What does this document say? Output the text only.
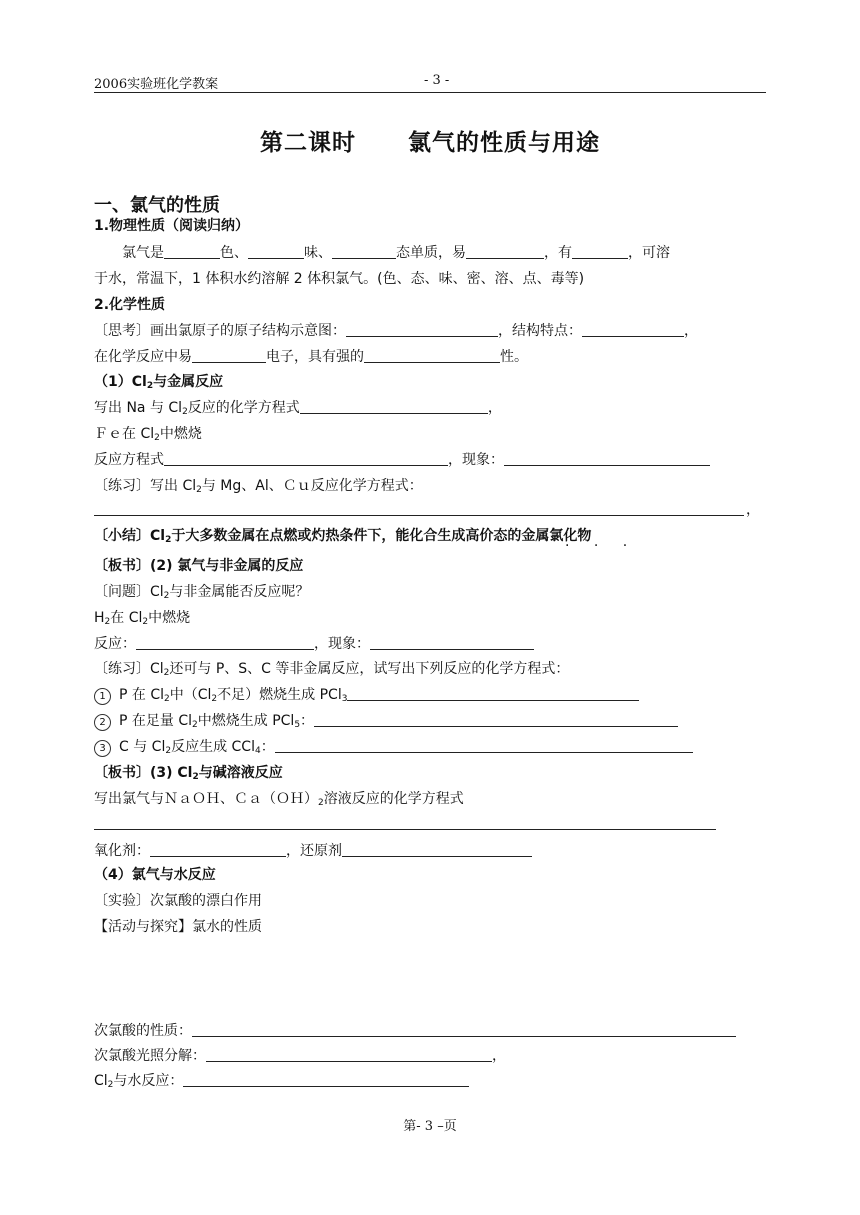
2006实验班化学教案	- 3 -
第二课时 氯气的性质与用途
一、氯气的性质
1.物理性质（阅读归纳）
氯气是	色、	味、	态单质，易	，有	，可溶
于水，常温下，1 体积水约溶解 2 体积氯气。(色、态、味、密、溶、点、毒等)
2.化学性质
〔思考〕画出氯原子的原子结构示意图：	，结构特点：	，
在化学反应中易	电子，具有强的	性。
$(1)Cl_2$与金属反应
写出 Na 与 $Cl_2$反应的化学方程式	，
Ｆｅ在 $Cl_2$中燃烧
反应方程式	，现象：
〔练习〕写出 $Cl_2$与 Mg、Al、Ｃｕ反应化学方程式：
，
〔小结〕$Cl_2$于大多数金属在点燃或灼热条件下，能化合生成高价态的金属氯化物
· · ·
〔板书〕(2) 氯气与非金属的反应
〔问题〕$Cl_2$与非金属能否反应呢？
$H_2$在 $Cl_2$中燃烧
反应：	，现象：
〔练习〕$Cl_2$还可与 P、S、C 等非金属反应，试写出下列反应的化学方程式：
1 P 在 $Cl_2$中（$Cl_2$不足）燃烧生成 PCl$_3$
2 P 在足量 $Cl_2$中燃烧生成 PCl$_5$：
3 C 与 $Cl_2$反应生成 CCl$_4$：
〔板书〕(3) $Cl_2$与碱溶液反应
写出氯气与ＮａＯＨ、$Ca(OH)_2$溶液反应的化学方程式
氧化剂：	，还原剂
（4）氯气与水反应
〔实验〕次氯酸的漂白作用
【活动与探究】氯水的性质
次氯酸的性质：
次氯酸光照分解：	，
$Cl_2$与水反应：
第- 3 –页
